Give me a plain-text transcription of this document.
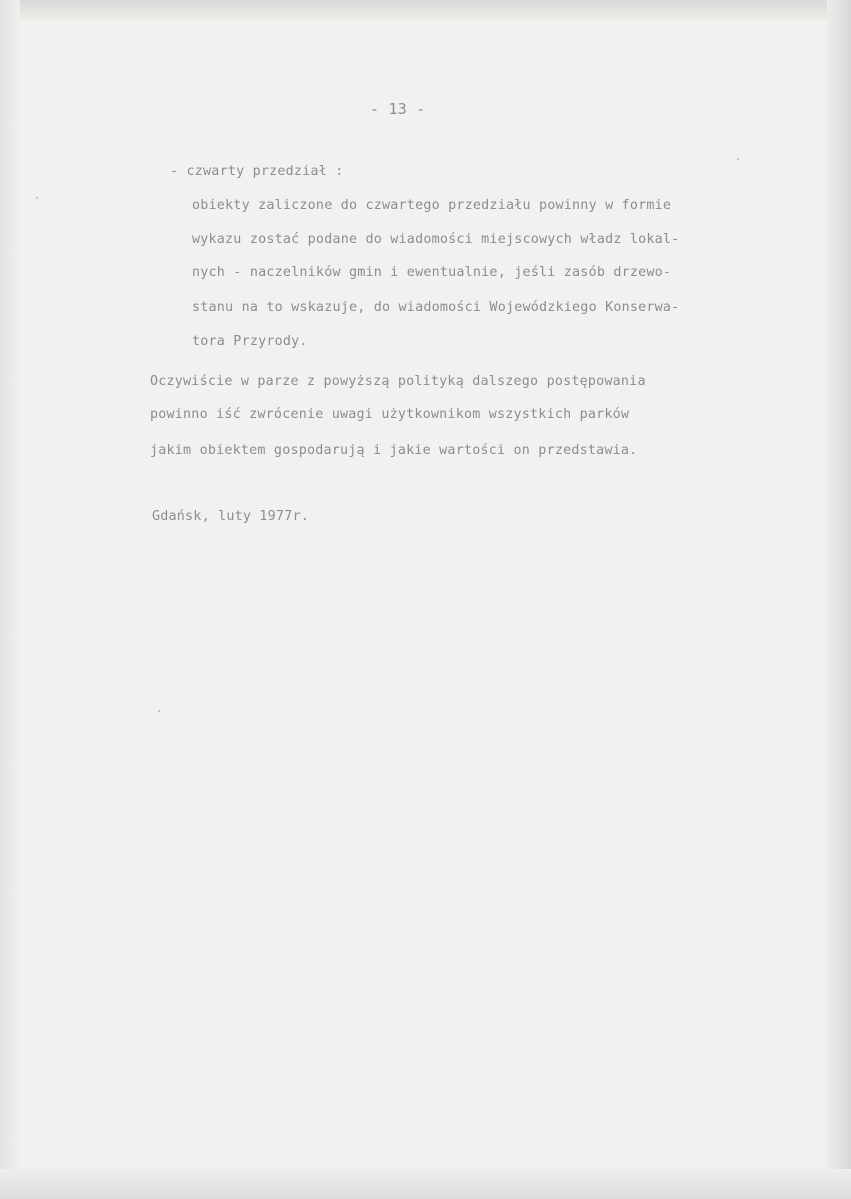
- 13 -
- czwarty przedział :
obiekty zaliczone do czwartego przedziału powinny w formie
wykazu zostać podane do wiadomości miejscowych władz lokal-
nych - naczelników gmin i ewentualnie, jeśli zasób drzewo-
stanu na to wskazuje, do wiadomości Wojewódzkiego Konserwa-
tora Przyrody.
Oczywiście w parze z powyższą polityką dalszego postępowania
powinno iść zwrócenie uwagi użytkownikom wszystkich parków
jakim obiektem gospodarują i jakie wartości on przedstawia.
Gdańsk, luty 1977r.
